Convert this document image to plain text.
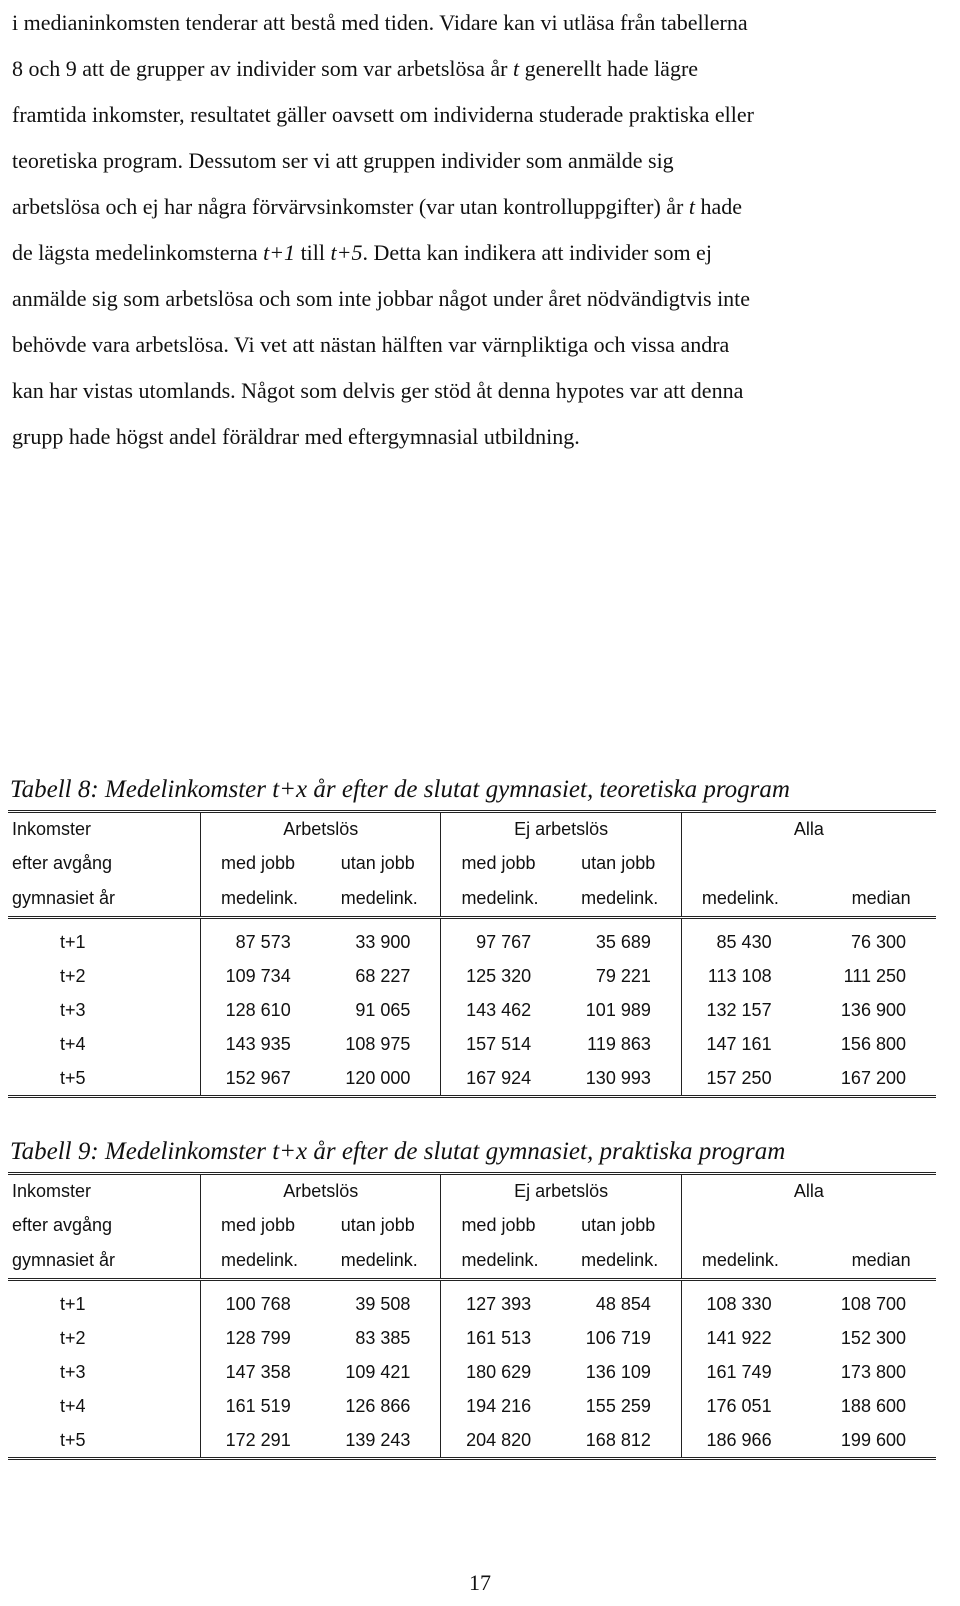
i medianinkomsten tenderar att bestå med tiden. Vidare kan vi utläsa från tabellerna
8 och 9 att de grupper av individer som var arbetslösa år t generellt hade lägre
framtida inkomster, resultatet gäller oavsett om individerna studerade praktiska eller
teoretiska program. Dessutom ser vi att gruppen individer som anmälde sig
arbetslösa och ej har några förvärvsinkomster (var utan kontrolluppgifter) år t hade
de lägsta medelinkomsterna t+1 till t+5. Detta kan indikera att individer som ej
anmälde sig som arbetslösa och som inte jobbar något under året nödvändigtvis inte
behövde vara arbetslösa. Vi vet att nästan hälften var värnpliktiga och vissa andra
kan har vistas utomlands. Något som delvis ger stöd åt denna hypotes var att denna
grupp hade högst andel föräldrar med eftergymnasial utbildning.
Tabell 8: Medelinkomster t+x år efter de slutat gymnasiet, teoretiska program
Inkomster	Arbetslös		Ej arbetslös		Alla	
efter avgång	med jobb	utan jobb	med jobb	utan jobb		
gymnasiet år	medelink.	medelink.	medelink.	medelink.	medelink.	median

t+1	87 573	33 900	97 767	35 689	85 430	76 300
t+2	109 734	68 227	125 320	79 221	113 108	111 250
t+3	128 610	91 065	143 462	101 989	132 157	136 900
t+4	143 935	108 975	157 514	119 863	147 161	156 800
t+5	152 967	120 000	167 924	130 993	157 250	167 200
Tabell 9: Medelinkomster t+x år efter de slutat gymnasiet, praktiska program
Inkomster	Arbetslös		Ej arbetslös		Alla	
efter avgång	med jobb	utan jobb	med jobb	utan jobb		
gymnasiet år	medelink.	medelink.	medelink.	medelink.	medelink.	median

t+1	100 768	39 508	127 393	48 854	108 330	108 700
t+2	128 799	83 385	161 513	106 719	141 922	152 300
t+3	147 358	109 421	180 629	136 109	161 749	173 800
t+4	161 519	126 866	194 216	155 259	176 051	188 600
t+5	172 291	139 243	204 820	168 812	186 966	199 600
17
